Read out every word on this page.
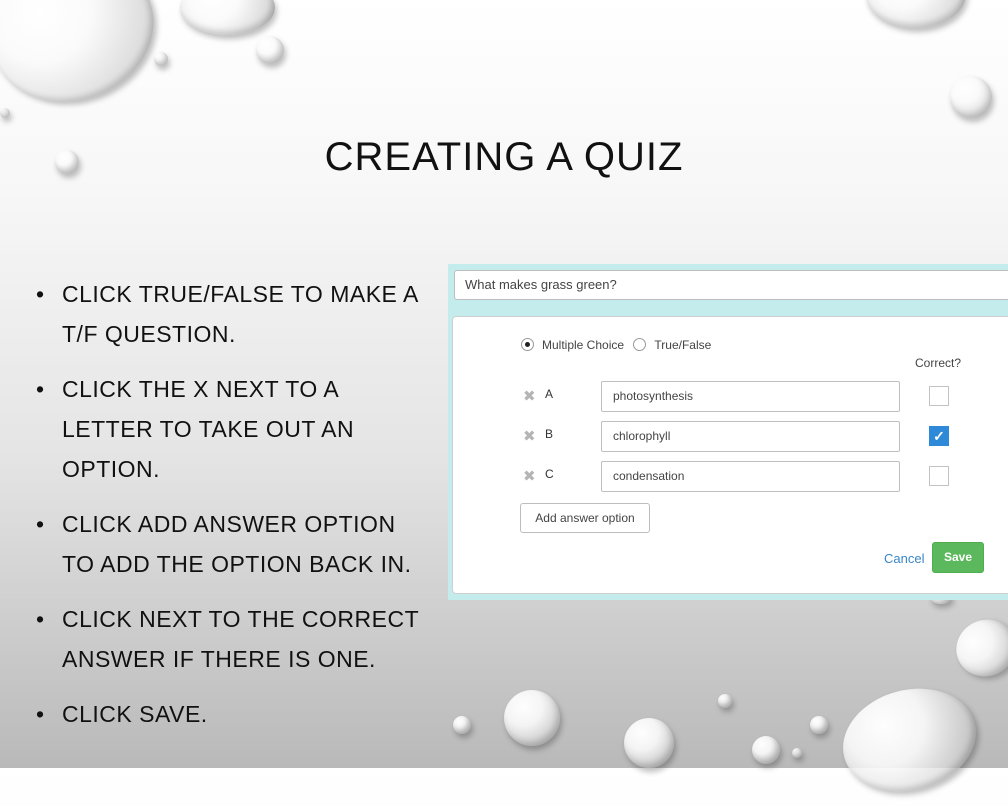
CREATING A QUIZ
• CLICK TRUE/FALSE TO MAKE A T/F QUESTION.
• CLICK THE X NEXT TO A LETTER TO TAKE OUT AN OPTION.
• CLICK ADD ANSWER OPTION TO ADD THE OPTION BACK IN.
• CLICK NEXT TO THE CORRECT ANSWER IF THERE IS ONE.
• CLICK SAVE.
What makes grass green?
Multiple Choice	True/False
Correct?
✖ A	photosynthesis
✖ B	chlorophyll	✓
✖ C	condensation
Add answer option
Cancel	Save
